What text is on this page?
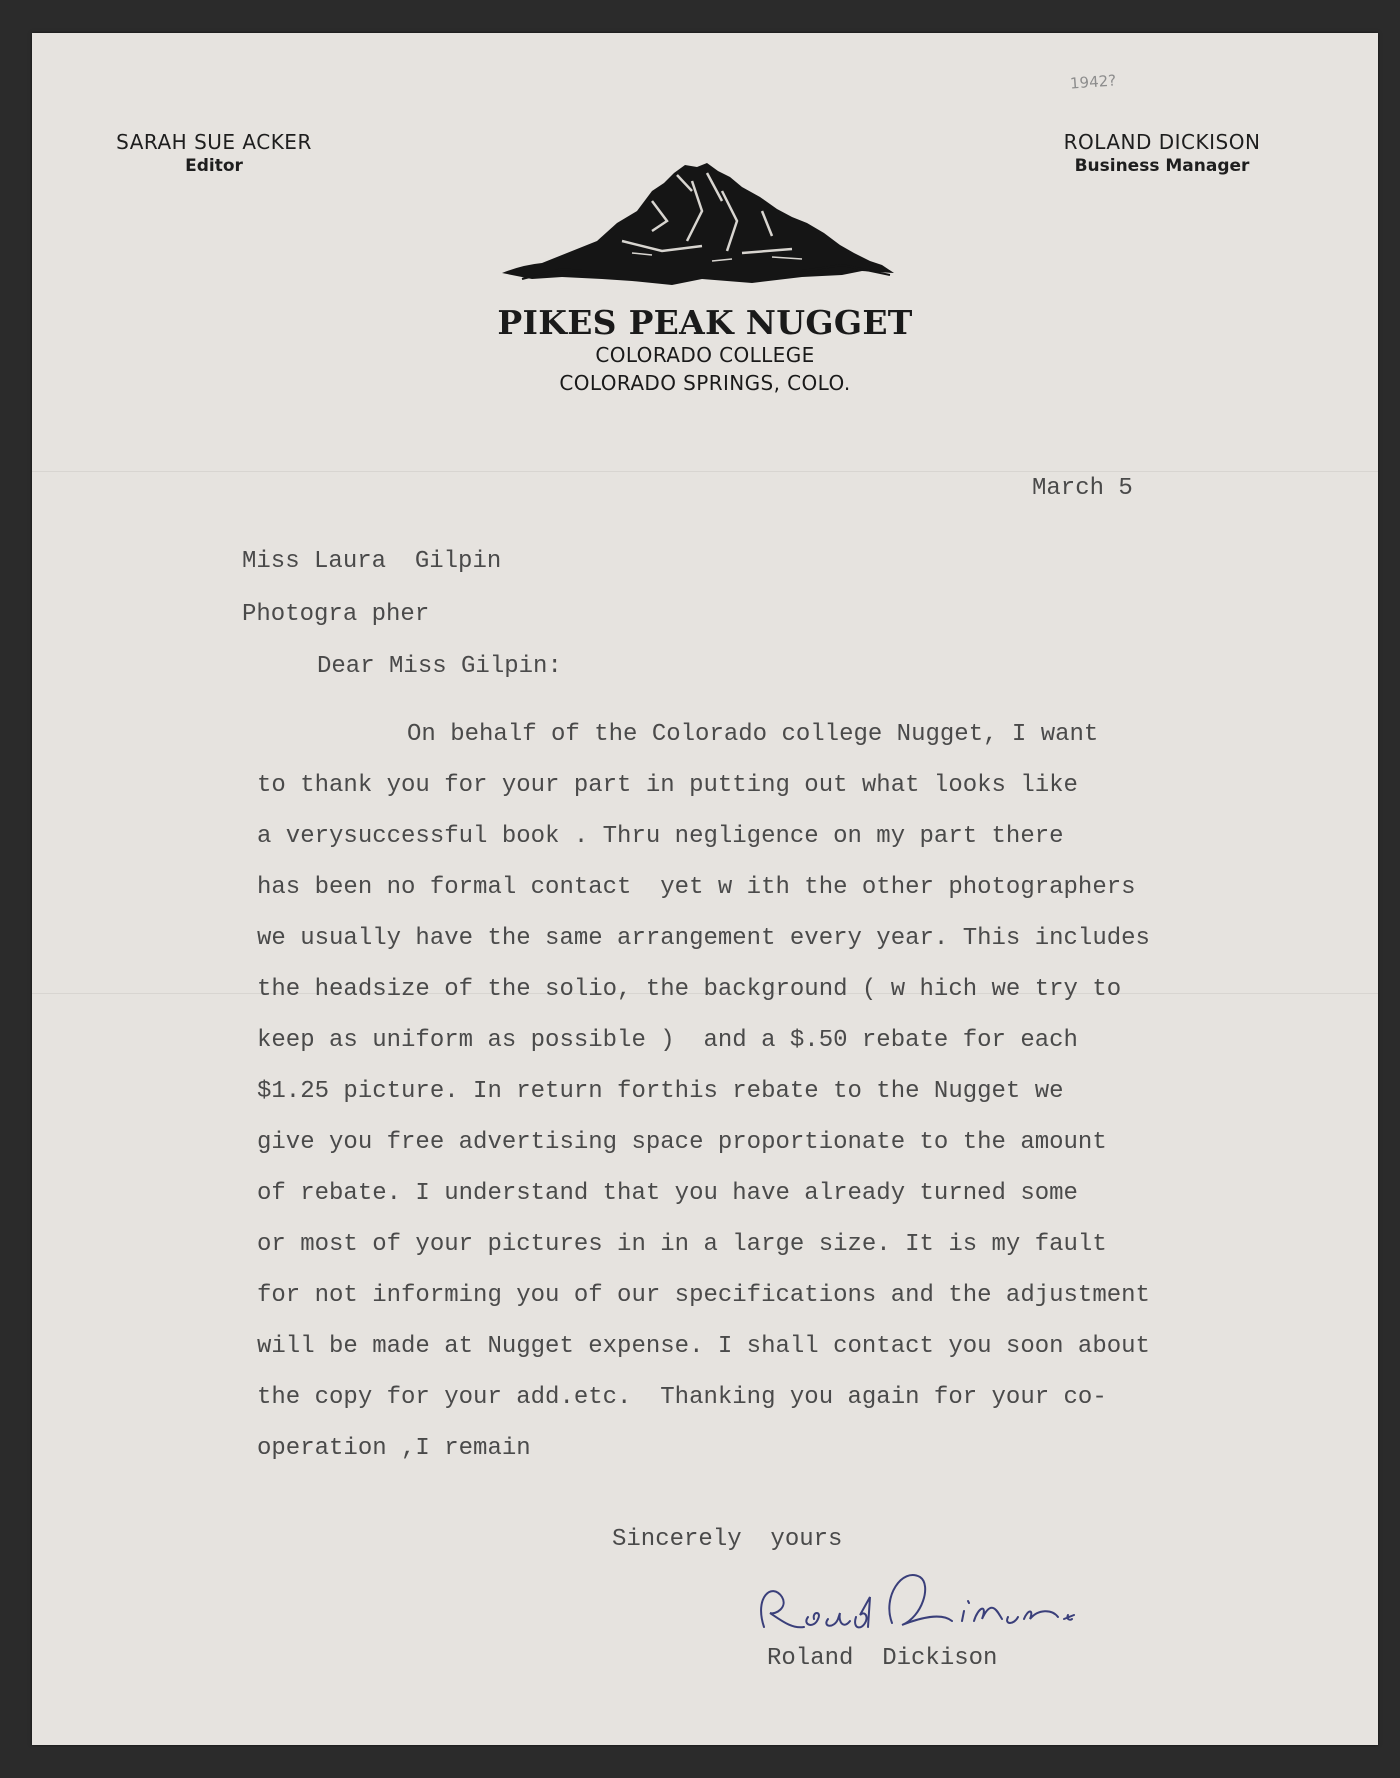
1942?
SARAH SUE ACKER
Editor
ROLAND DICKISON
Business Manager
PIKES PEAK NUGGET
COLORADO COLLEGE
COLORADO SPRINGS, COLO.
March 5
Miss Laura  Gilpin
Photogra pher
Dear Miss Gilpin:
On behalf of the Colorado college Nugget, I want
to thank you for your part in putting out what looks like
a verysuccessful book . Thru negligence on my part there
has been no formal contact  yet w ith the other photographers
we usually have the same arrangement every year. This includes
the headsize of the solio, the background ( w hich we try to
keep as uniform as possible )  and a $.50 rebate for each
$1.25 picture. In return forthis rebate to the Nugget we
give you free advertising space proportionate to the amount
of rebate. I understand that you have already turned some
or most of your pictures in in a large size. It is my fault
for not informing you of our specifications and the adjustment
will be made at Nugget expense. I shall contact you soon about
the copy for your add.etc.  Thanking you again for your co-
operation ,I remain
Sincerely  yours
Roland  Dickison
